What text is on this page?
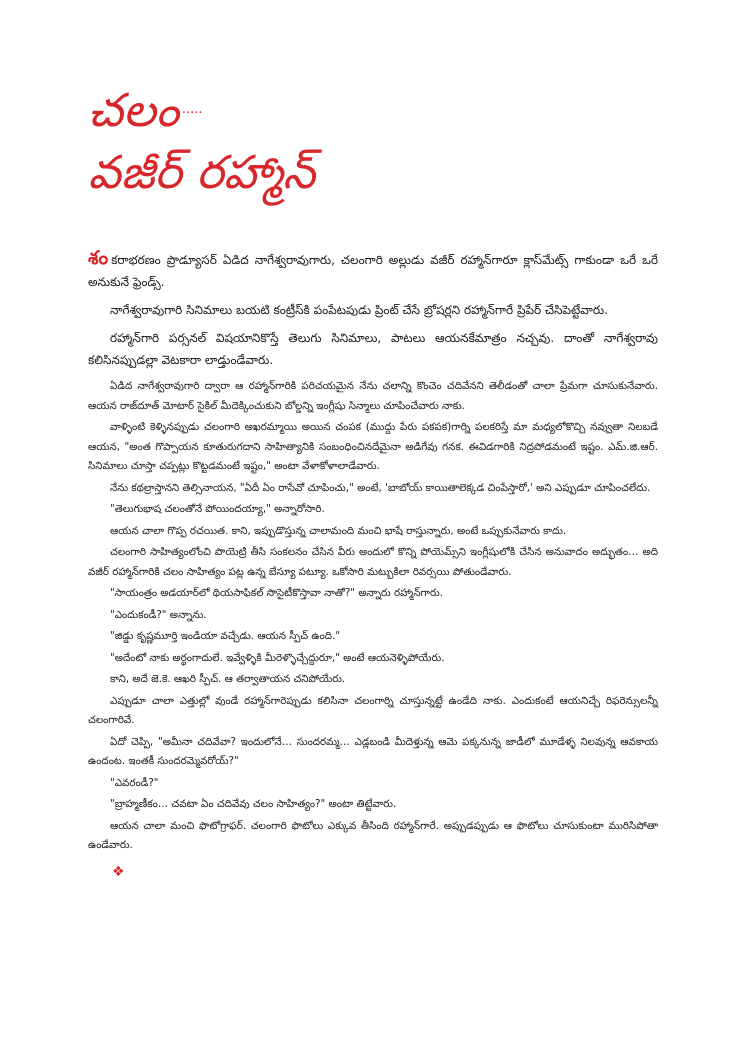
చలం .....
వజీర్ రహ్మాన్

శంకరాభరణం ప్రొడ్యూసర్ ఏడిద నాగేశ్వరావుగారు, చలంగారి అల్లుడు వజీర్ రహ్మాన్‌గారూ క్లాస్‌మేట్స్ గాకుండా ఒరే ఒరే అనుకునే ఫ్రెండ్స్.

నాగేశ్వరావుగారి సినిమాలు బయటి కంట్రీస్‌కి పంపేటపుడు ప్రింట్ చేసే బ్రోషర్లని రహ్మాన్‌గారే ప్రిపేర్ చేసిపెట్టేవారు.

రహ్మాన్‌గారి పర్సనల్ విషయానికొస్తే తెలుగు సినిమాలు, పాటలు ఆయనకేమాత్రం నచ్చవు. దాంతో నాగేశ్వరావు కలిసినప్పుడల్లా వెటకారా లాడ్తుండేవారు.

ఏడిద నాగేశ్వరావుగారి ద్వారా ఆ రహ్మాన్‌గారికి పరిచయమైన నేను చలాన్ని కొంచెం చదివేనని తెలీడంతో చాలా ప్రేమగా చూసుకునేవారు. ఆయన రాజ్‌దూత్ మోటార్ సైకిల్ మీదెక్కించుకుని బోల్డన్ని ఇంగ్లీషు సిన్మాలు చూపించేవారు నాకు.

వాళ్ళింటి కెళ్ళినప్పుడు చలంగారి అఖరమ్మాయి అయిన చంపక (ముద్దు పేరు పకపక)గార్ని పలకరిస్తే మా మధ్యలోకొచ్చి నవ్వుతా నిలబడే ఆయన, "అంత గొప్పాయన కూతురుగదాని సాహిత్యానికి సంబంధించినదేమైనా అడిగేవు గనక. ఈవిడగారికి నిద్రపోడమంటే ఇష్టం. ఎమ్.జి.ఆర్. సినిమాలు చూస్తా చప్పట్లు కొట్టడమంటే ఇష్టం," అంటా వేళాకోళాలాడేవారు.

నేను కథల్రాస్తానని తెల్సినాయన, "ఏదీ ఏం రాసేవో చూపించు," అంటే, 'బాబోయ్ కాయితాలెక్కడ చింపేస్తారో,' అని ఎప్పుడూ చూపించలేదు.

"తెలుగుభాష చలంతోనే పోయిందయ్యా," అన్నారోసారి.

ఆయన చాలా గొప్ప రచయిత. కాని, ఇప్పుడొస్తున్న చాలామంది మంచి భాషే రాస్తున్నారు, అంటే ఒప్పుకునేవారు కాదు.

చలంగారి సాహిత్యంలోంచి పొయెట్రి తీసి సంకలనం చేసిన వీరు అందులో కొన్ని పోయెమ్స్‌ని ఇంగ్లీషులోకి చేసిన అనువాదం అద్భుతం… అది వజీర్ రహ్మాన్‌గారికి చలం సాహిత్యం పట్ల ఉన్న బేస్యూ పట్యూ. ఒకోసారి మట్బుకిలా రివర్సయి పోతుండేవారు.

"సాయంత్రం అడయార్‌లో థియసాఫికల్ సొసైటీకొస్తావా నాతో?" అన్నారు రహ్మాన్‌గారు.

"ఎందుకండీ?" అన్నాను.

"జిడ్డు కృష్ణమూర్తి ఇండియా వచ్చేడు. ఆయన స్పీచ్ ఉంది."

"అదేంటో నాకు అర్థంగాదులే. ఇవ్వేళ్ళికి మీరెళ్ళొచ్చేద్దురూ," అంటే ఆయనెళ్ళిపోయేరు.

కాని, అదే జె.కె. ఆఖరి స్పీచ్. ఆ తర్వాతాయన చనిపోయేరు.

ఎప్పుడూ చాలా ఎత్తుల్లో వుండే రహ్మాన్‌గారెప్పుడు కలిసినా చలంగార్ని చూస్తున్నట్టే ఉండేది నాకు. ఎందుకంటే ఆయనిచ్చే రిఫరెన్సులన్నీ చలంగారివే.

ఏదో చెప్పి, "అమీనా చదివేవా? ఇందులోనే… సుందరమ్మ… ఎడ్లబండి మీదెళ్తున్న ఆమె పక్కనున్న జాడీలో మూడేళ్ళ నిలవున్న ఆవకాయ ఉందంట. ఇంతకీ సుందరమ్మెవరోయ్?"

"ఎవరండీ?"

"బ్రాహ్మణీకం… చవటా ఏం చదివేవు చలం సాహిత్యం?" అంటా తిట్టేవారు.

ఆయన చాలా మంచి ఫొటోగ్రాఫర్. చలంగారి ఫొటోలు ఎక్కువ తీసింది రహ్మాన్‌గారే. అప్పుడప్పుడు ఆ ఫొటోలు చూసుకుంటా మురిసిపోతా ఉండేవారు.

❖
